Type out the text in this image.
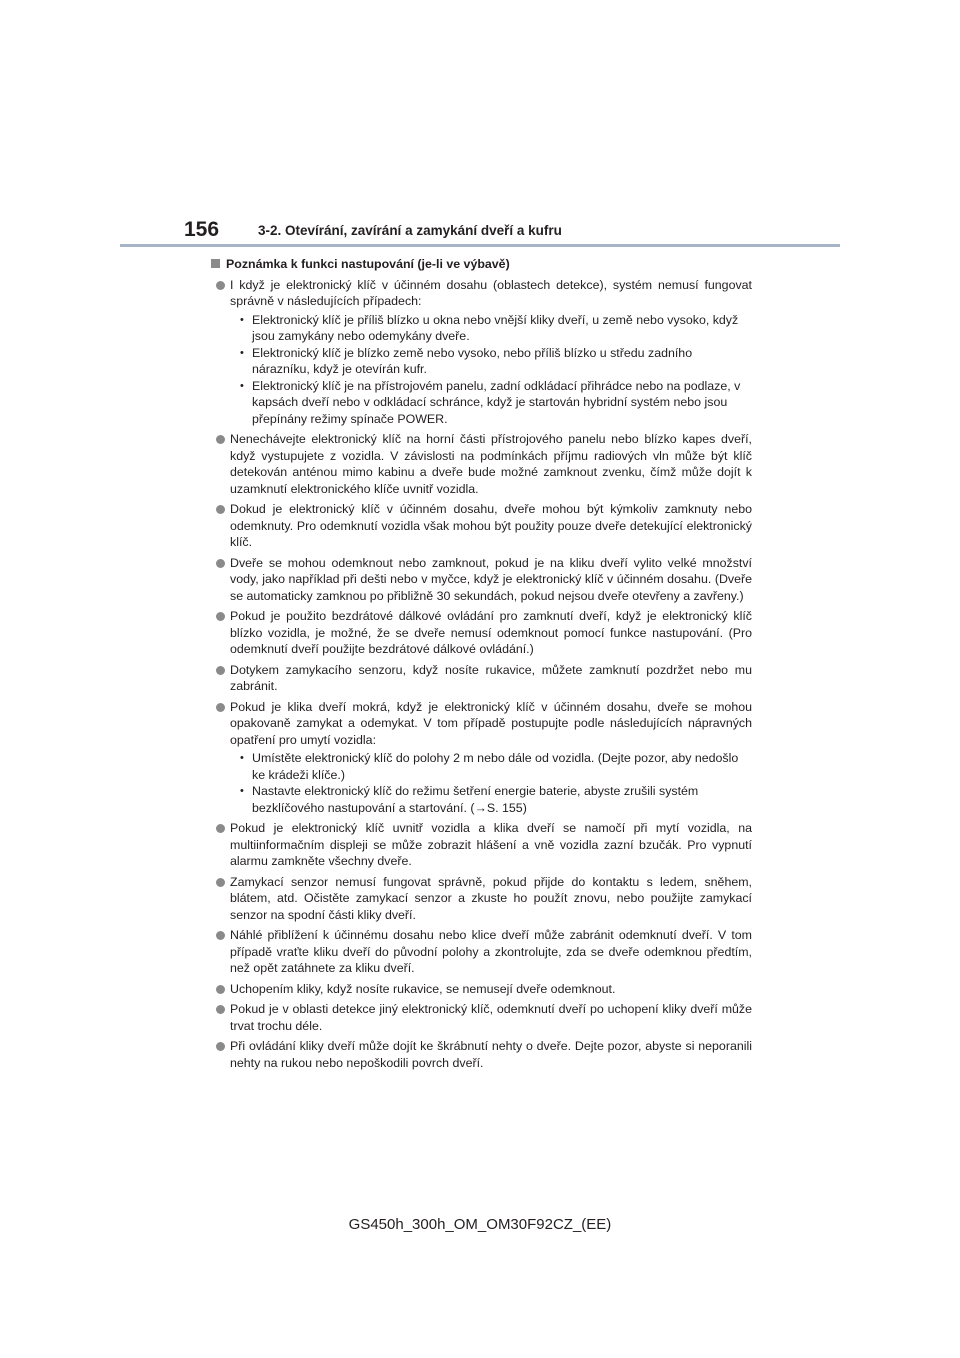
156	3-2. Otevírání, zavírání a zamykání dveří a kufru
Poznámka k funkci nastupování (je-li ve výbavě)
I když je elektronický klíč v účinném dosahu (oblastech detekce), systém nemusí fungovat správně v následujících případech:
• Elektronický klíč je příliš blízko u okna nebo vnější kliky dveří, u země nebo vysoko, když jsou zamykány nebo odemykány dveře.
• Elektronický klíč je blízko země nebo vysoko, nebo příliš blízko u středu zadního nárazníku, když je otevírán kufr.
• Elektronický klíč je na přístrojovém panelu, zadní odkládací přihrádce nebo na podlaze, v kapsách dveří nebo v odkládací schránce, když je startován hybridní systém nebo jsou přepínány režimy spínače POWER.
Nenechávejte elektronický klíč na horní části přístrojového panelu nebo blízko kapes dveří, když vystupujete z vozidla. V závislosti na podmínkách příjmu radiových vln může být klíč detekován anténou mimo kabinu a dveře bude možné zamknout zvenku, čímž může dojít k uzamknutí elektronického klíče uvnitř vozidla.
Dokud je elektronický klíč v účinném dosahu, dveře mohou být kýmkoliv zamknuty nebo odemknuty. Pro odemknutí vozidla však mohou být použity pouze dveře detekující elektronický klíč.
Dveře se mohou odemknout nebo zamknout, pokud je na kliku dveří vylito velké množství vody, jako například při dešti nebo v myčce, když je elektronický klíč v účinném dosahu. (Dveře se automaticky zamknou po přibližně 30 sekundách, pokud nejsou dveře otevřeny a zavřeny.)
Pokud je použito bezdrátové dálkové ovládání pro zamknutí dveří, když je elektronický klíč blízko vozidla, je možné, že se dveře nemusí odemknout pomocí funkce nastupování. (Pro odemknutí dveří použijte bezdrátové dálkové ovládání.)
Dotykem zamykacího senzoru, když nosíte rukavice, můžete zamknutí pozdržet nebo mu zabránit.
Pokud je klika dveří mokrá, když je elektronický klíč v účinném dosahu, dveře se mohou opakovaně zamykat a odemykat. V tom případě postupujte podle následujících nápravných opatření pro umytí vozidla:
• Umístěte elektronický klíč do polohy 2 m nebo dále od vozidla. (Dejte pozor, aby nedošlo ke krádeži klíče.)
• Nastavte elektronický klíč do režimu šetření energie baterie, abyste zrušili systém bezklíčového nastupování a startování. (→S. 155)
Pokud je elektronický klíč uvnitř vozidla a klika dveří se namočí při mytí vozidla, na multiinformačním displeji se může zobrazit hlášení a vně vozidla zazní bzučák. Pro vypnutí alarmu zamkněte všechny dveře.
Zamykací senzor nemusí fungovat správně, pokud přijde do kontaktu s ledem, sněhem, blátem, atd. Očistěte zamykací senzor a zkuste ho použít znovu, nebo použijte zamykací senzor na spodní části kliky dveří.
Náhlé přiblížení k účinnému dosahu nebo klice dveří může zabránit odemknutí dveří. V tom případě vraťte kliku dveří do původní polohy a zkontrolujte, zda se dveře odemknou předtím, než opět zatáhnete za kliku dveří.
Uchopením kliky, když nosíte rukavice, se nemusejí dveře odemknout.
Pokud je v oblasti detekce jiný elektronický klíč, odemknutí dveří po uchopení kliky dveří může trvat trochu déle.
Při ovládání kliky dveří může dojít ke škrábnutí nehty o dveře. Dejte pozor, abyste si neporanili nehty na rukou nebo nepoškodili povrch dveří.
GS450h_300h_OM_OM30F92CZ_(EE)
